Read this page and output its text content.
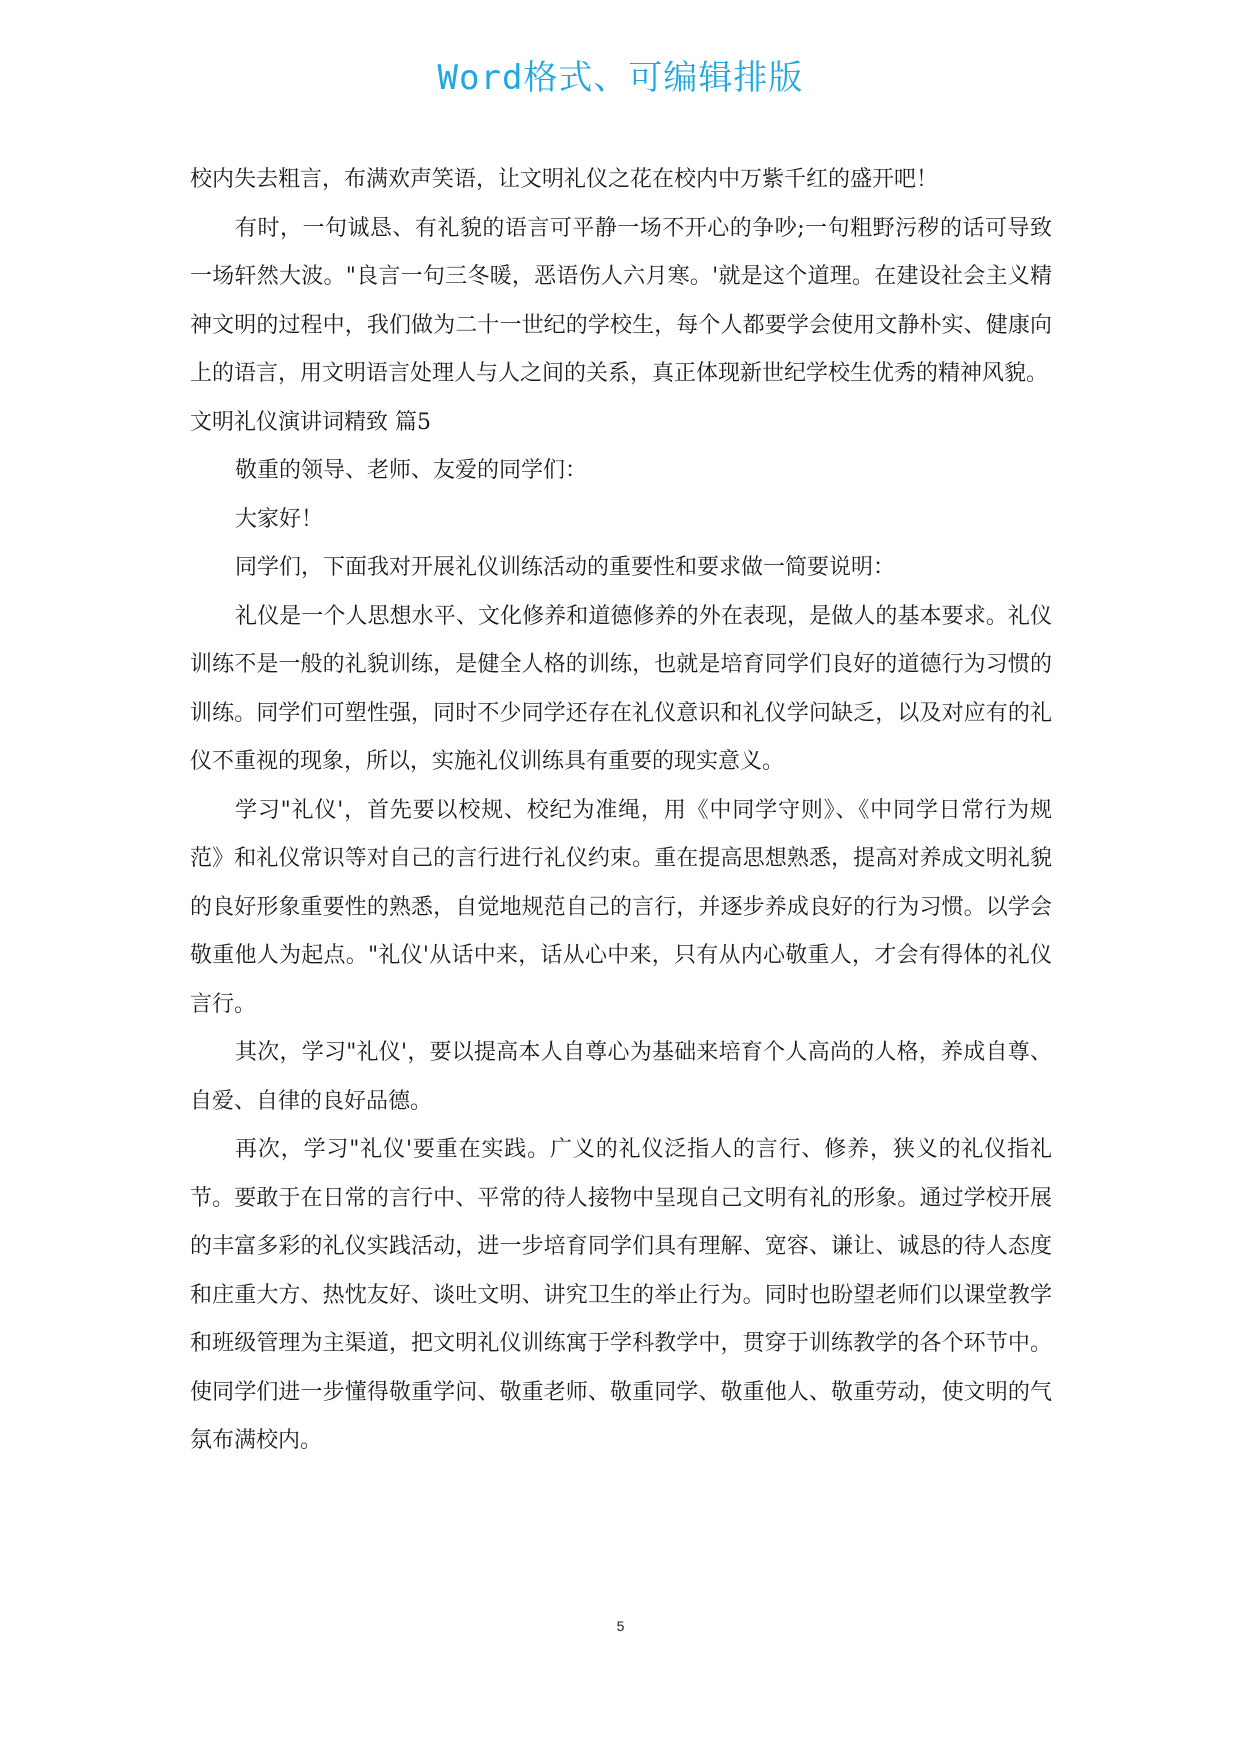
Word格式、可编辑排版

校内失去粗言，布满欢声笑语，让文明礼仪之花在校内中万紫千红的盛开吧！

有时，一句诚恳、有礼貌的语言可平静一场不开心的争吵;一句粗野污秽的话可导致一场轩然大波。"良言一句三冬暖，恶语伤人六月寒。'就是这个道理。在建设社会主义精神文明的过程中，我们做为二十一世纪的学校生，每个人都要学会使用文静朴实、健康向上的语言，用文明语言处理人与人之间的关系，真正体现新世纪学校生优秀的精神风貌。

文明礼仪演讲词精致 篇5

敬重的领导、老师、友爱的同学们：

大家好！

同学们，下面我对开展礼仪训练活动的重要性和要求做一简要说明：

礼仪是一个人思想水平、文化修养和道德修养的外在表现，是做人的基本要求。礼仪训练不是一般的礼貌训练，是健全人格的训练，也就是培育同学们良好的道德行为习惯的训练。同学们可塑性强，同时不少同学还存在礼仪意识和礼仪学问缺乏，以及对应有的礼仪不重视的现象，所以，实施礼仪训练具有重要的现实意义。

学习"礼仪'，首先要以校规、校纪为准绳，用《中同学守则》、《中同学日常行为规范》和礼仪常识等对自己的言行进行礼仪约束。重在提高思想熟悉，提高对养成文明礼貌的良好形象重要性的熟悉，自觉地规范自己的言行，并逐步养成良好的行为习惯。以学会敬重他人为起点。"礼仪'从话中来，话从心中来，只有从内心敬重人，才会有得体的礼仪言行。

其次，学习"礼仪'，要以提高本人自尊心为基础来培育个人高尚的人格，养成自尊、自爱、自律的良好品德。

再次，学习"礼仪'要重在实践。广义的礼仪泛指人的言行、修养，狭义的礼仪指礼节。要敢于在日常的言行中、平常的待人接物中呈现自己文明有礼的形象。通过学校开展的丰富多彩的礼仪实践活动，进一步培育同学们具有理解、宽容、谦让、诚恳的待人态度和庄重大方、热忱友好、谈吐文明、讲究卫生的举止行为。同时也盼望老师们以课堂教学和班级管理为主渠道，把文明礼仪训练寓于学科教学中，贯穿于训练教学的各个环节中。使同学们进一步懂得敬重学问、敬重老师、敬重同学、敬重他人、敬重劳动，使文明的气氛布满校内。

5
